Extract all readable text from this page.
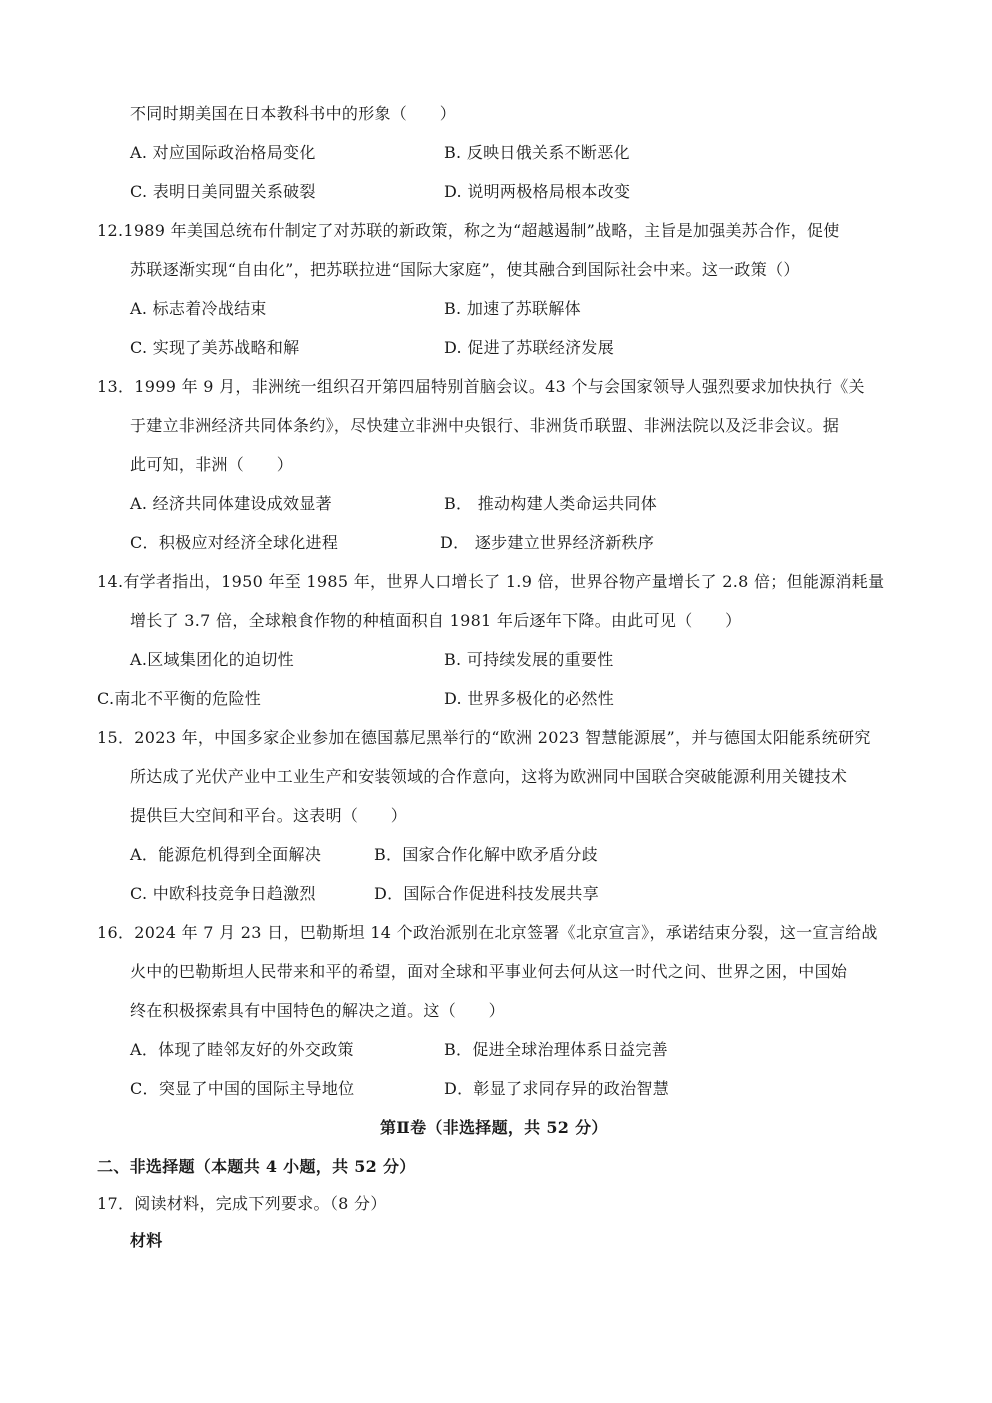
不同时期美国在日本教科书中的形象（　　）
A. 对应国际政治格局变化	B. 反映日俄关系不断恶化
C. 表明日美同盟关系破裂	D. 说明两极格局根本改变
12.1989 年美国总统布什制定了对苏联的新政策，称之为“超越遏制”战略，主旨是加强美苏合作，促使
苏联逐渐实现“自由化”，把苏联拉进“国际大家庭”，使其融合到国际社会中来。这一政策（）
A. 标志着冷战结束	B. 加速了苏联解体
C. 实现了美苏战略和解	D. 促进了苏联经济发展
13．1999 年 9 月，非洲统一组织召开第四届特别首脑会议。43 个与会国家领导人强烈要求加快执行《关
于建立非洲经济共同体条约》，尽快建立非洲中央银行、非洲货币联盟、非洲法院以及泛非会议。据
此可知，非洲（　　）
A. 经济共同体建设成效显著	B． 推动构建人类命运共同体
C．积极应对经济全球化进程	D． 逐步建立世界经济新秩序
14.有学者指出，1950 年至 1985 年，世界人口增长了 1.9 倍，世界谷物产量增长了 2.8 倍；但能源消耗量
增长了 3.7 倍，全球粮食作物的种植面积自 1981 年后逐年下降。由此可见（　　）
A.区域集团化的迫切性	B. 可持续发展的重要性
C.南北不平衡的危险性	D. 世界多极化的必然性
15．2023 年，中国多家企业参加在德国慕尼黑举行的“欧洲 2023 智慧能源展”，并与德国太阳能系统研究
所达成了光伏产业中工业生产和安装领域的合作意向，这将为欧洲同中国联合突破能源利用关键技术
提供巨大空间和平台。这表明（　　）
A．能源危机得到全面解决	B．国家合作化解中欧矛盾分歧
C. 中欧科技竞争日趋激烈	D．国际合作促进科技发展共享
16．2024 年 7 月 23 日，巴勒斯坦 14 个政治派别在北京签署《北京宣言》，承诺结束分裂，这一宣言给战
火中的巴勒斯坦人民带来和平的希望，面对全球和平事业何去何从这一时代之问、世界之困，中国始
终在积极探索具有中国特色的解决之道。这（　　）
A．体现了睦邻友好的外交政策	B．促进全球治理体系日益完善
C．突显了中国的国际主导地位	D．彰显了求同存异的政治智慧
第Ⅱ卷（非选择题，共 52 分）
二、非选择题（本题共 4 小题，共 52 分）
17．阅读材料，完成下列要求。（8 分）
材料
